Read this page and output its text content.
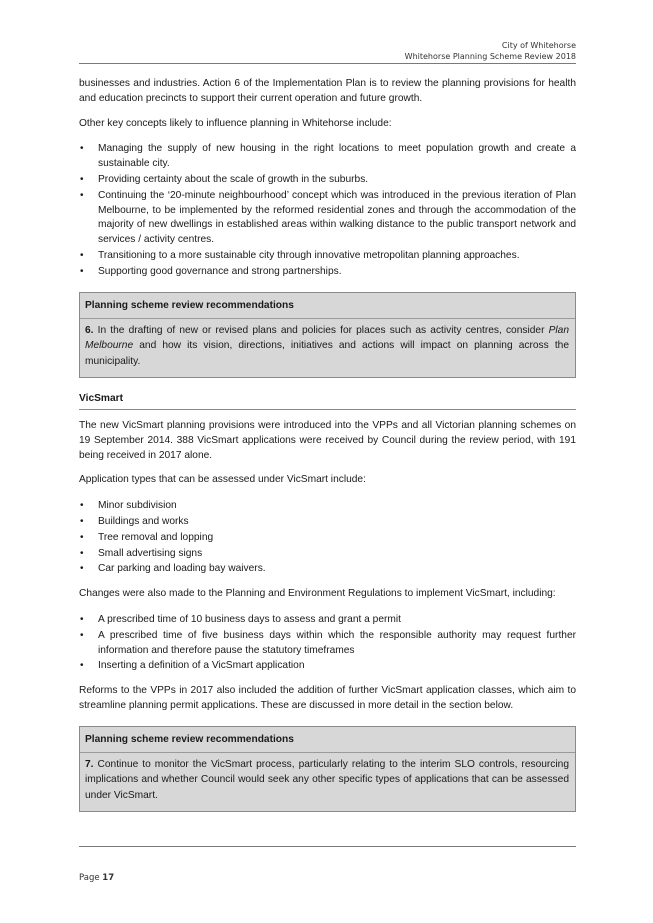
City of Whitehorse
Whitehorse Planning Scheme Review 2018

businesses and industries. Action 6 of the Implementation Plan is to review the planning provisions for health and education precincts to support their current operation and future growth.

Other key concepts likely to influence planning in Whitehorse include:

• Managing the supply of new housing in the right locations to meet population growth and create a sustainable city.
• Providing certainty about the scale of growth in the suburbs.
• Continuing the ‘20-minute neighbourhood’ concept which was introduced in the previous iteration of Plan Melbourne, to be implemented by the reformed residential zones and through the accommodation of the majority of new dwellings in established areas within walking distance to the public transport network and services / activity centres.
• Transitioning to a more sustainable city through innovative metropolitan planning approaches.
• Supporting good governance and strong partnerships.
Planning scheme review recommendations
6. In the drafting of new or revised plans and policies for places such as activity centres, consider Plan Melbourne and how its vision, directions, initiatives and actions will impact on planning across the municipality.
VicSmart

The new VicSmart planning provisions were introduced into the VPPs and all Victorian planning schemes on 19 September 2014. 388 VicSmart applications were received by Council during the review period, with 191 being received in 2017 alone.

Application types that can be assessed under VicSmart include:

• Minor subdivision
• Buildings and works
• Tree removal and lopping
• Small advertising signs
• Car parking and loading bay waivers.

Changes were also made to the Planning and Environment Regulations to implement VicSmart, including:

• A prescribed time of 10 business days to assess and grant a permit
• A prescribed time of five business days within which the responsible authority may request further information and therefore pause the statutory timeframes
• Inserting a definition of a VicSmart application

Reforms to the VPPs in 2017 also included the addition of further VicSmart application classes, which aim to streamline planning permit applications. These are discussed in more detail in the section below.

Planning scheme review recommendations
7. Continue to monitor the VicSmart process, particularly relating to the interim SLO controls, resourcing implications and whether Council would seek any other specific types of applications that can be assessed under VicSmart.
Page 17
